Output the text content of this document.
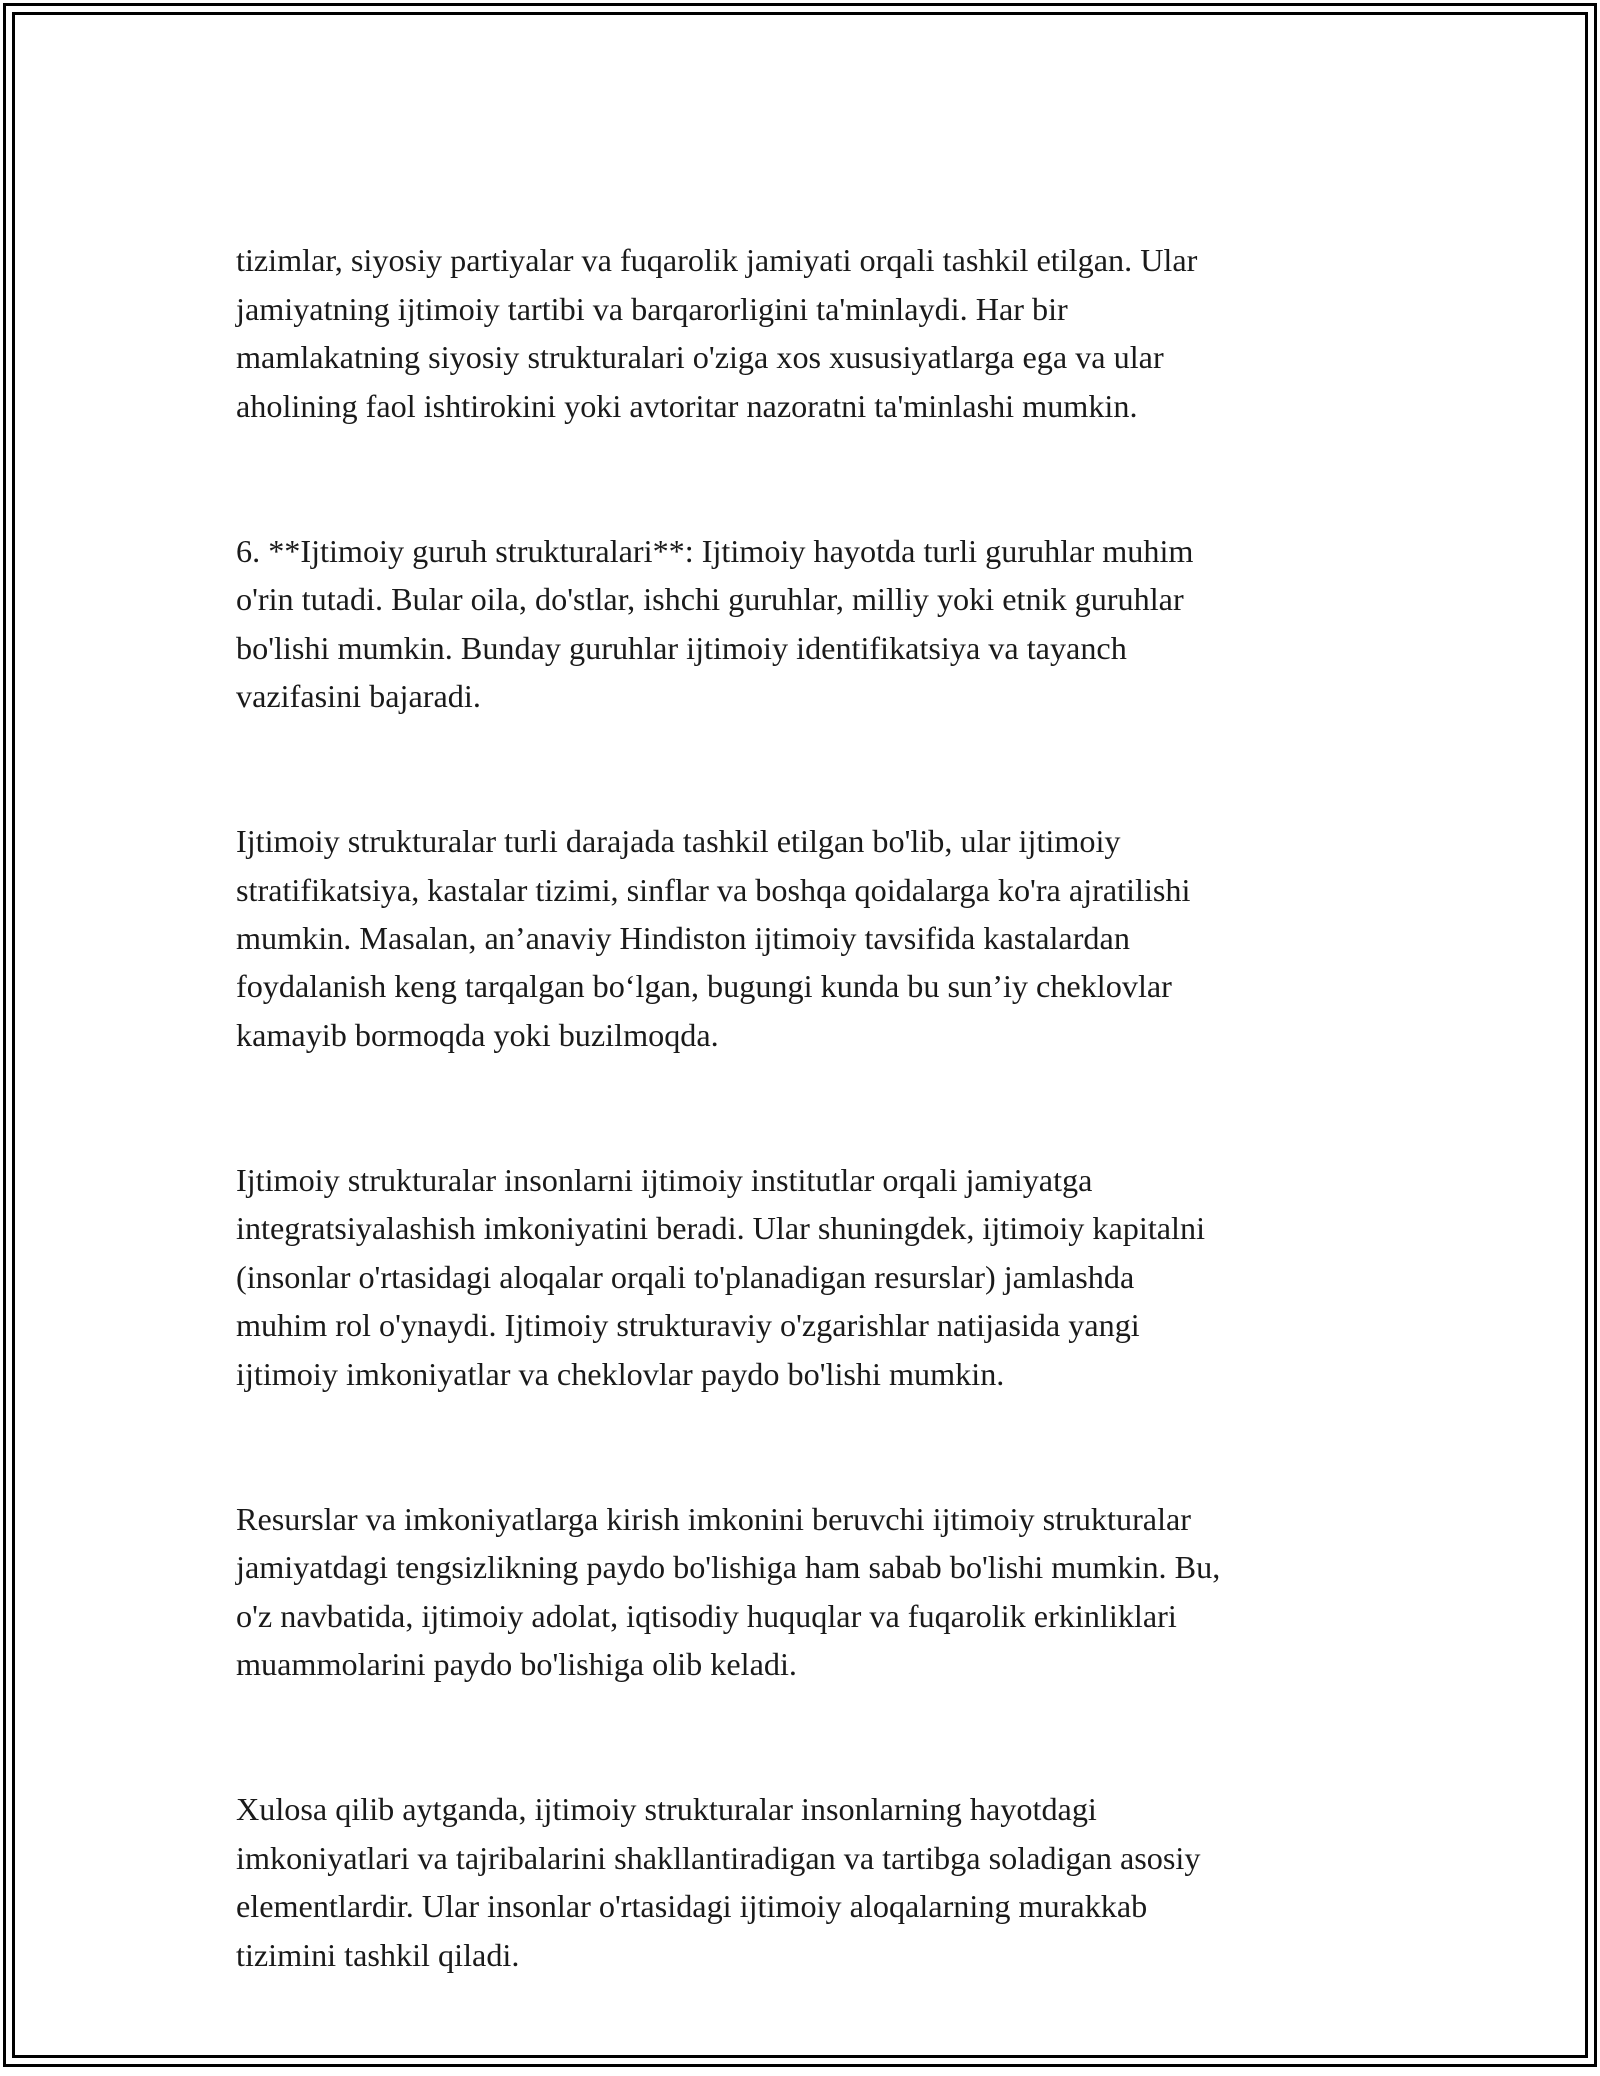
tizimlar, siyosiy partiyalar va fuqarolik jamiyati orqali tashkil etilgan. Ular
jamiyatning ijtimoiy tartibi va barqarorligini ta'minlaydi. Har bir
mamlakatning siyosiy strukturalari o'ziga xos xususiyatlarga ega va ular
aholining faol ishtirokini yoki avtoritar nazoratni ta'minlashi mumkin.

6. **Ijtimoiy guruh strukturalari**: Ijtimoiy hayotda turli guruhlar muhim
o'rin tutadi. Bular oila, do'stlar, ishchi guruhlar, milliy yoki etnik guruhlar
bo'lishi mumkin. Bunday guruhlar ijtimoiy identifikatsiya va tayanch
vazifasini bajaradi.

Ijtimoiy strukturalar turli darajada tashkil etilgan bo'lib, ular ijtimoiy
stratifikatsiya, kastalar tizimi, sinflar va boshqa qoidalarga ko'ra ajratilishi
mumkin. Masalan, an’anaviy Hindiston ijtimoiy tavsifida kastalardan
foydalanish keng tarqalgan bo‘lgan, bugungi kunda bu sun’iy cheklovlar
kamayib bormoqda yoki buzilmoqda.

Ijtimoiy strukturalar insonlarni ijtimoiy institutlar orqali jamiyatga
integratsiyalashish imkoniyatini beradi. Ular shuningdek, ijtimoiy kapitalni
(insonlar o'rtasidagi aloqalar orqali to'planadigan resurslar) jamlashda
muhim rol o'ynaydi. Ijtimoiy strukturaviy o'zgarishlar natijasida yangi
ijtimoiy imkoniyatlar va cheklovlar paydo bo'lishi mumkin.

Resurslar va imkoniyatlarga kirish imkonini beruvchi ijtimoiy strukturalar
jamiyatdagi tengsizlikning paydo bo'lishiga ham sabab bo'lishi mumkin. Bu,
o'z navbatida, ijtimoiy adolat, iqtisodiy huquqlar va fuqarolik erkinliklari
muammolarini paydo bo'lishiga olib keladi.

Xulosa qilib aytganda, ijtimoiy strukturalar insonlarning hayotdagi
imkoniyatlari va tajribalarini shakllantiradigan va tartibga soladigan asosiy
elementlardir. Ular insonlar o'rtasidagi ijtimoiy aloqalarning murakkab
tizimini tashkil qiladi.
